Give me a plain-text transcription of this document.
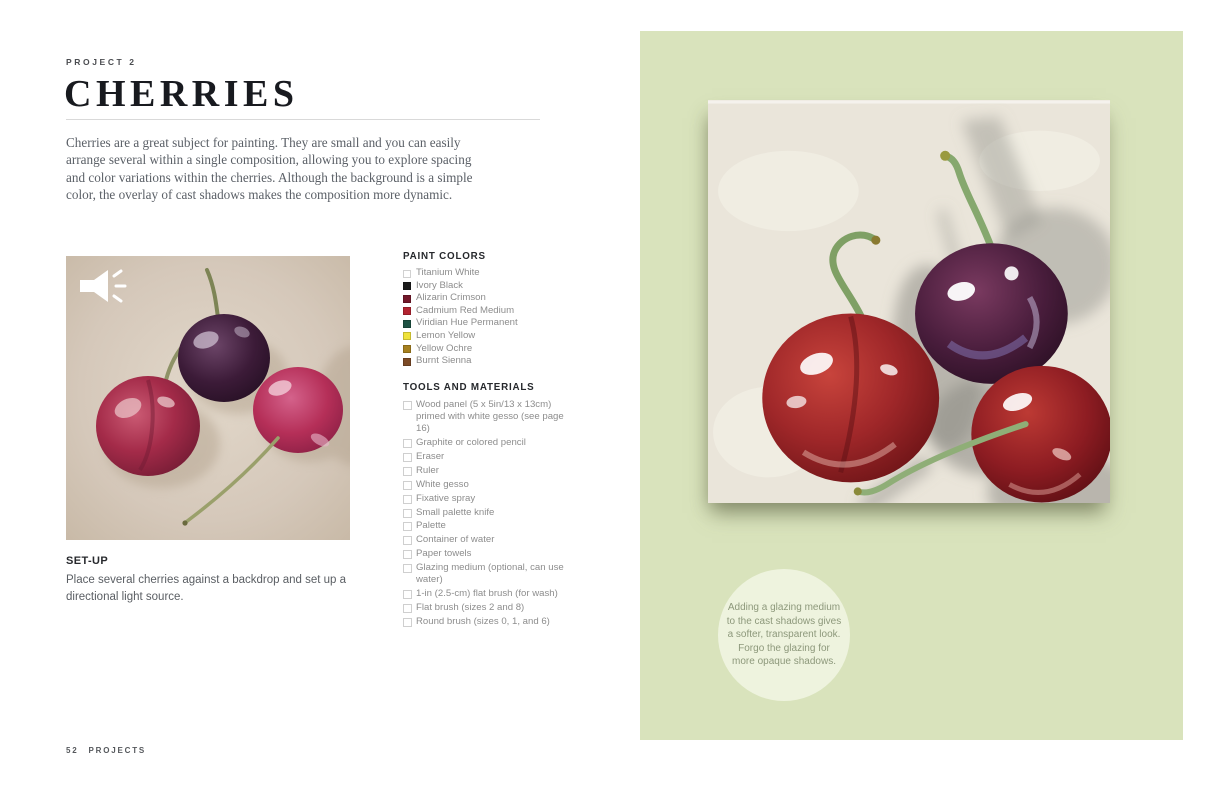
PROJECT 2
CHERRIES
Cherries are a great subject for painting. They are small and you can easily arrange several within a single composition, allowing you to explore spacing and color variations within the cherries. Although the background is a simple color, the overlay of cast shadows makes the composition more dynamic.
SET-UP
Place several cherries against a backdrop and set up a directional light source.
52 PROJECTS
PAINT COLORS
Titanium White
Ivory Black
Alizarin Crimson
Cadmium Red Medium
Viridian Hue Permanent
Lemon Yellow
Yellow Ochre
Burnt Sienna
TOOLS AND MATERIALS
Wood panel (5 x 5in/13 x 13cm) primed with white gesso (see page 16)
Graphite or colored pencil
Eraser
Ruler
White gesso
Fixative spray
Small palette knife
Palette
Container of water
Paper towels
Glazing medium (optional, can use water)
1-in (2.5-cm) flat brush (for wash)
Flat brush (sizes 2 and 8)
Round brush (sizes 0, 1, and 6)
Adding a glazing medium to the cast shadows gives a softer, transparent look. Forgo the glazing for more opaque shadows.
